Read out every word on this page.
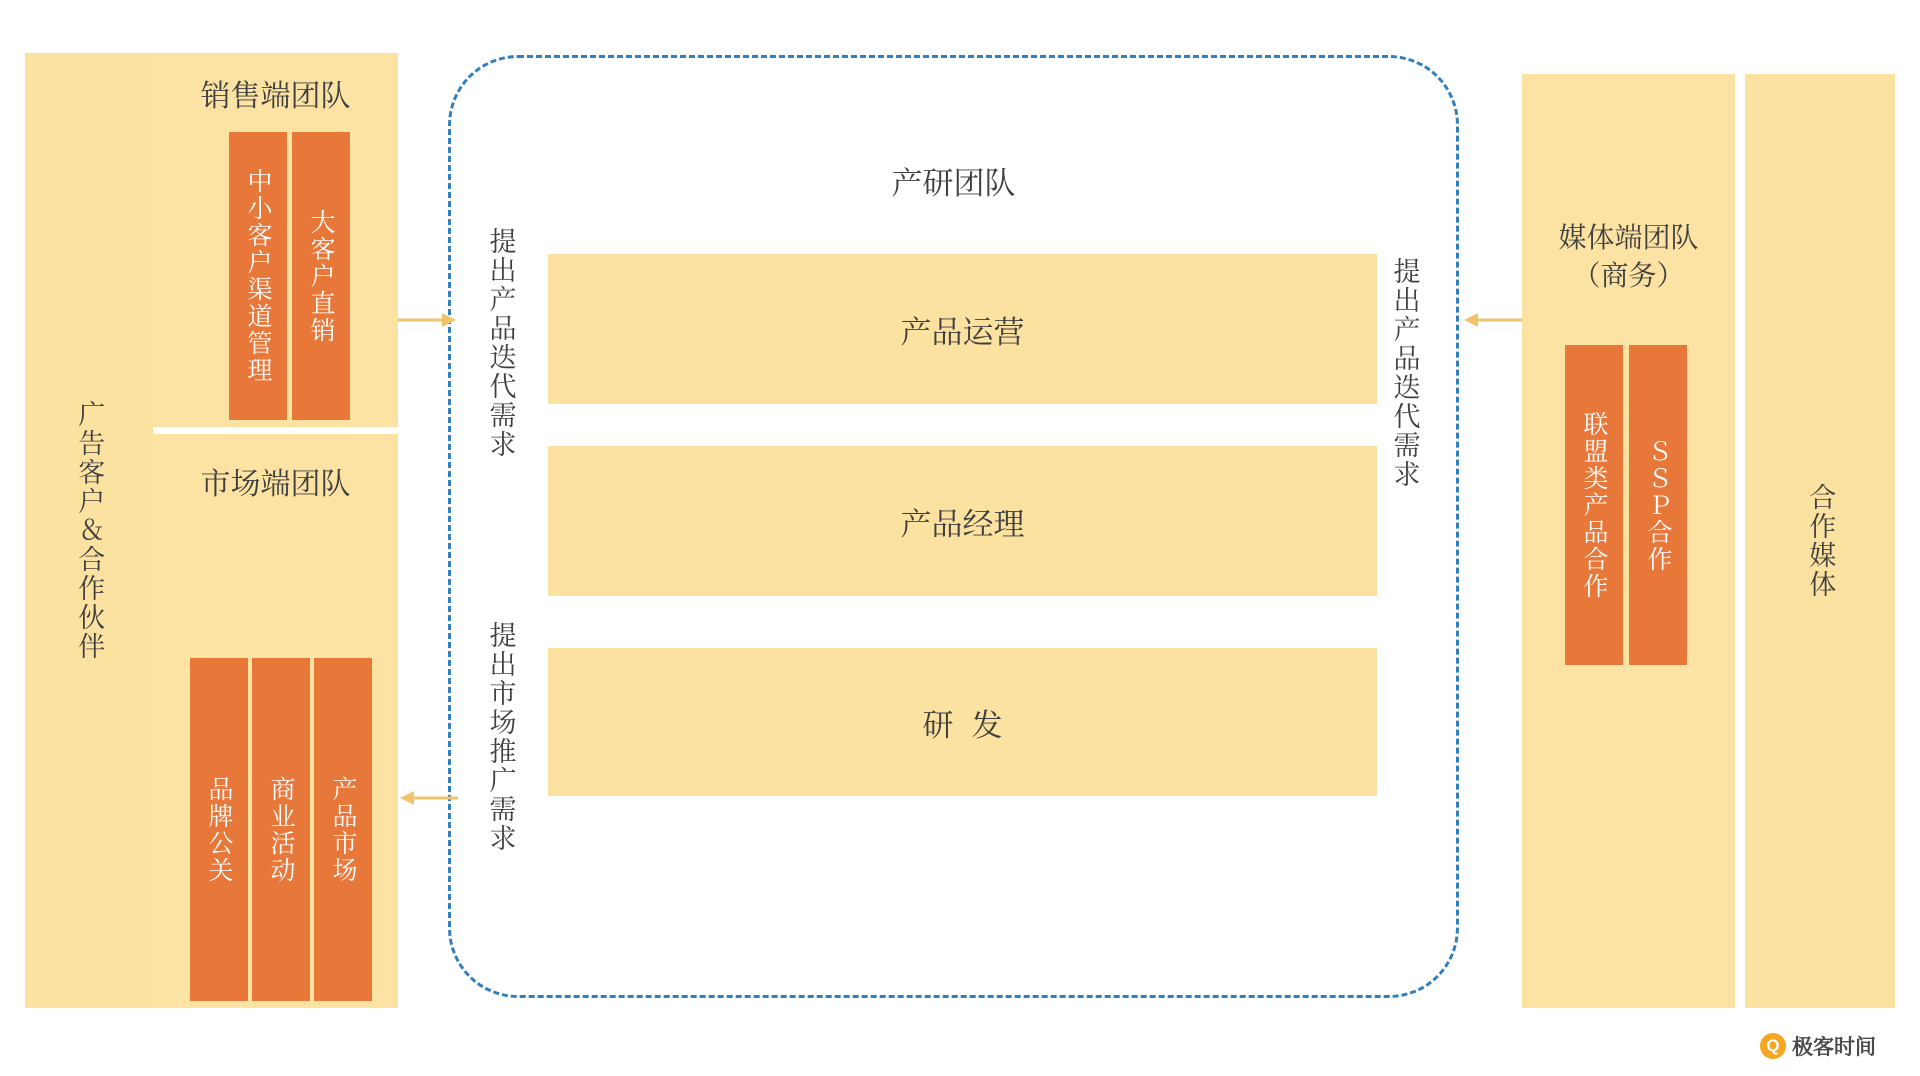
广告客户＆合作伙伴
销售端团队
中小客户渠道管理	大客户直销
市场端团队
品牌公关	商业活动	产品市场
产研团队
产品运营
产品经理
研发
提出产品迭代需求
提出市场推广需求
提出产品迭代需求
媒体端团队
（商务）
联盟类产品合作	ＳＳＰ合作	合作媒体
Q 极客时间
